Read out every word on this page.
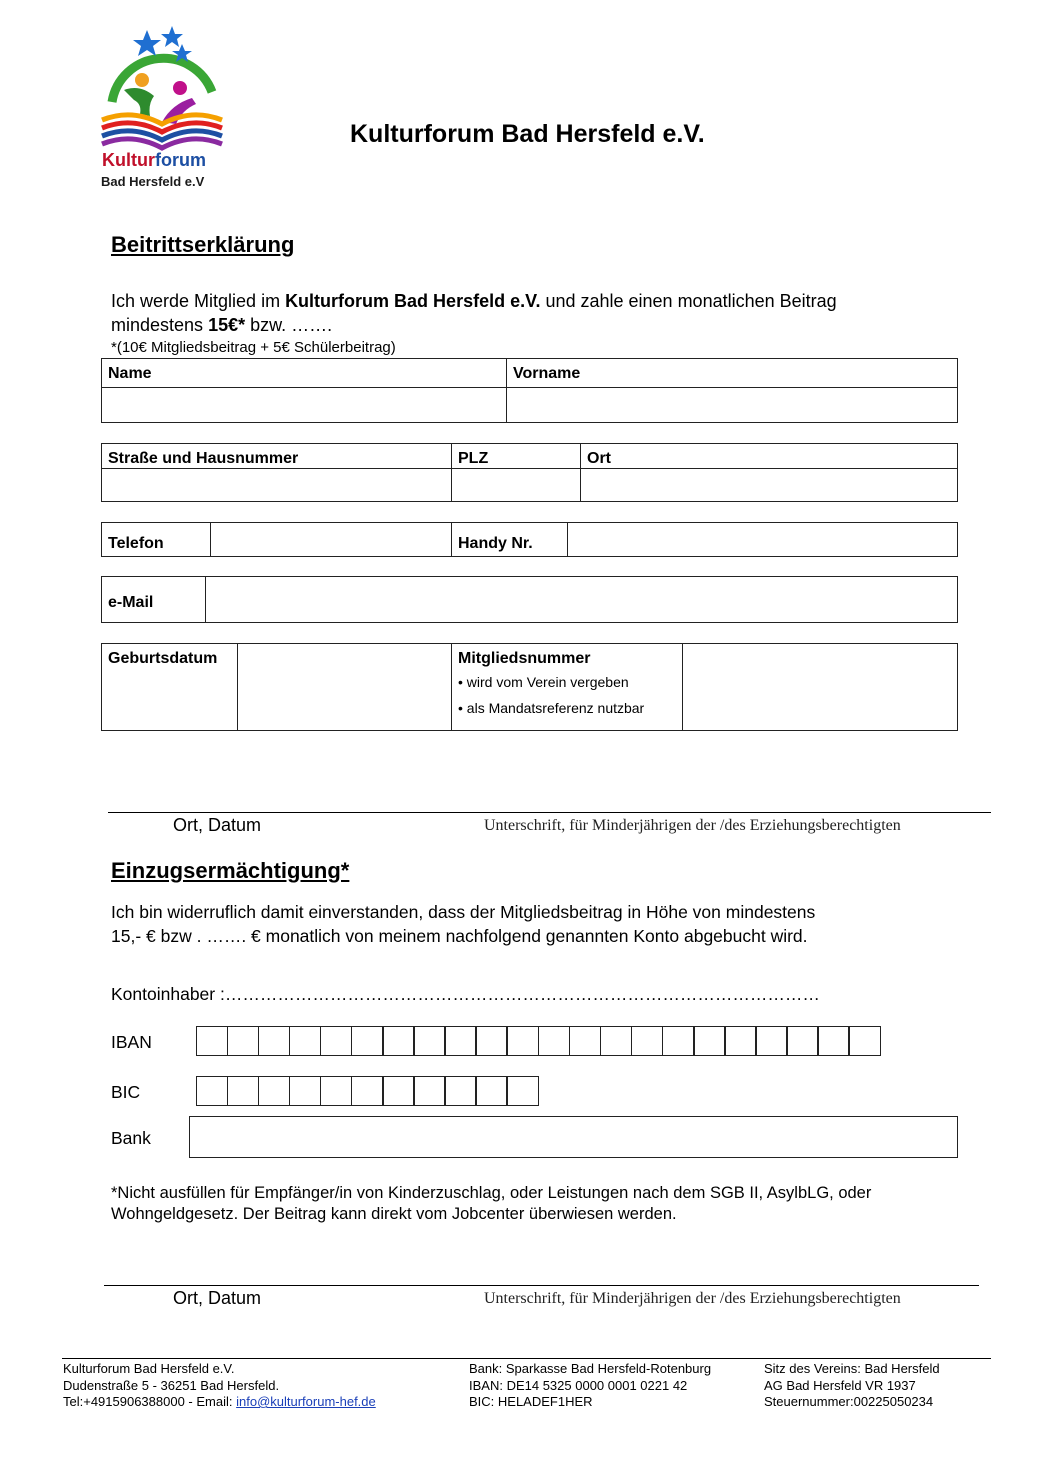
Kulturforum
Bad Hersfeld e.V
Kulturforum Bad Hersfeld e.V.
Beitrittserklärung
Ich werde Mitglied im Kulturforum Bad Hersfeld e.V. und zahle einen monatlichen Beitrag
mindestens 15€* bzw. …….
*(10€ Mitgliedsbeitrag + 5€ Schülerbeitrag)
Name	Vorname

Straße und Hausnummer	PLZ	Ort

Telefon		Handy Nr.	
e-Mail	
Geburtsdatum		Mitgliedsnummer
• wird vom Verein vergeben
• als Mandatsreferenz nutzbar

Ort, Datum	Unterschrift, für Minderjährigen der /des Erziehungsberechtigten
Einzugsermächtigung*
Ich bin widerruflich damit einverstanden, dass der Mitgliedsbeitrag in Höhe von mindestens
15,- € bzw . ……. € monatlich von meinem nachfolgend genannten Konto abgebucht wird.
Kontoinhaber :…………………………………………………………………………………………
IBAN
BIC
Bank
*Nicht ausfüllen für Empfänger/in von Kinderzuschlag, oder Leistungen nach dem SGB II, AsylbLG, oder
Wohngeldgesetz. Der Beitrag kann direkt vom Jobcenter überwiesen werden.
Ort, Datum	Unterschrift, für Minderjährigen der /des Erziehungsberechtigten
Kulturforum Bad Hersfeld e.V.
Dudenstraße 5 - 36251 Bad Hersfeld.
Tel:+4915906388000 - Email: info@kulturforum-hef.de
Bank: Sparkasse Bad Hersfeld-Rotenburg
IBAN: DE14 5325 0000 0001 0221 42
BIC: HELADEF1HER
Sitz des Vereins: Bad Hersfeld
AG Bad Hersfeld VR 1937
Steuernummer:00225050234
